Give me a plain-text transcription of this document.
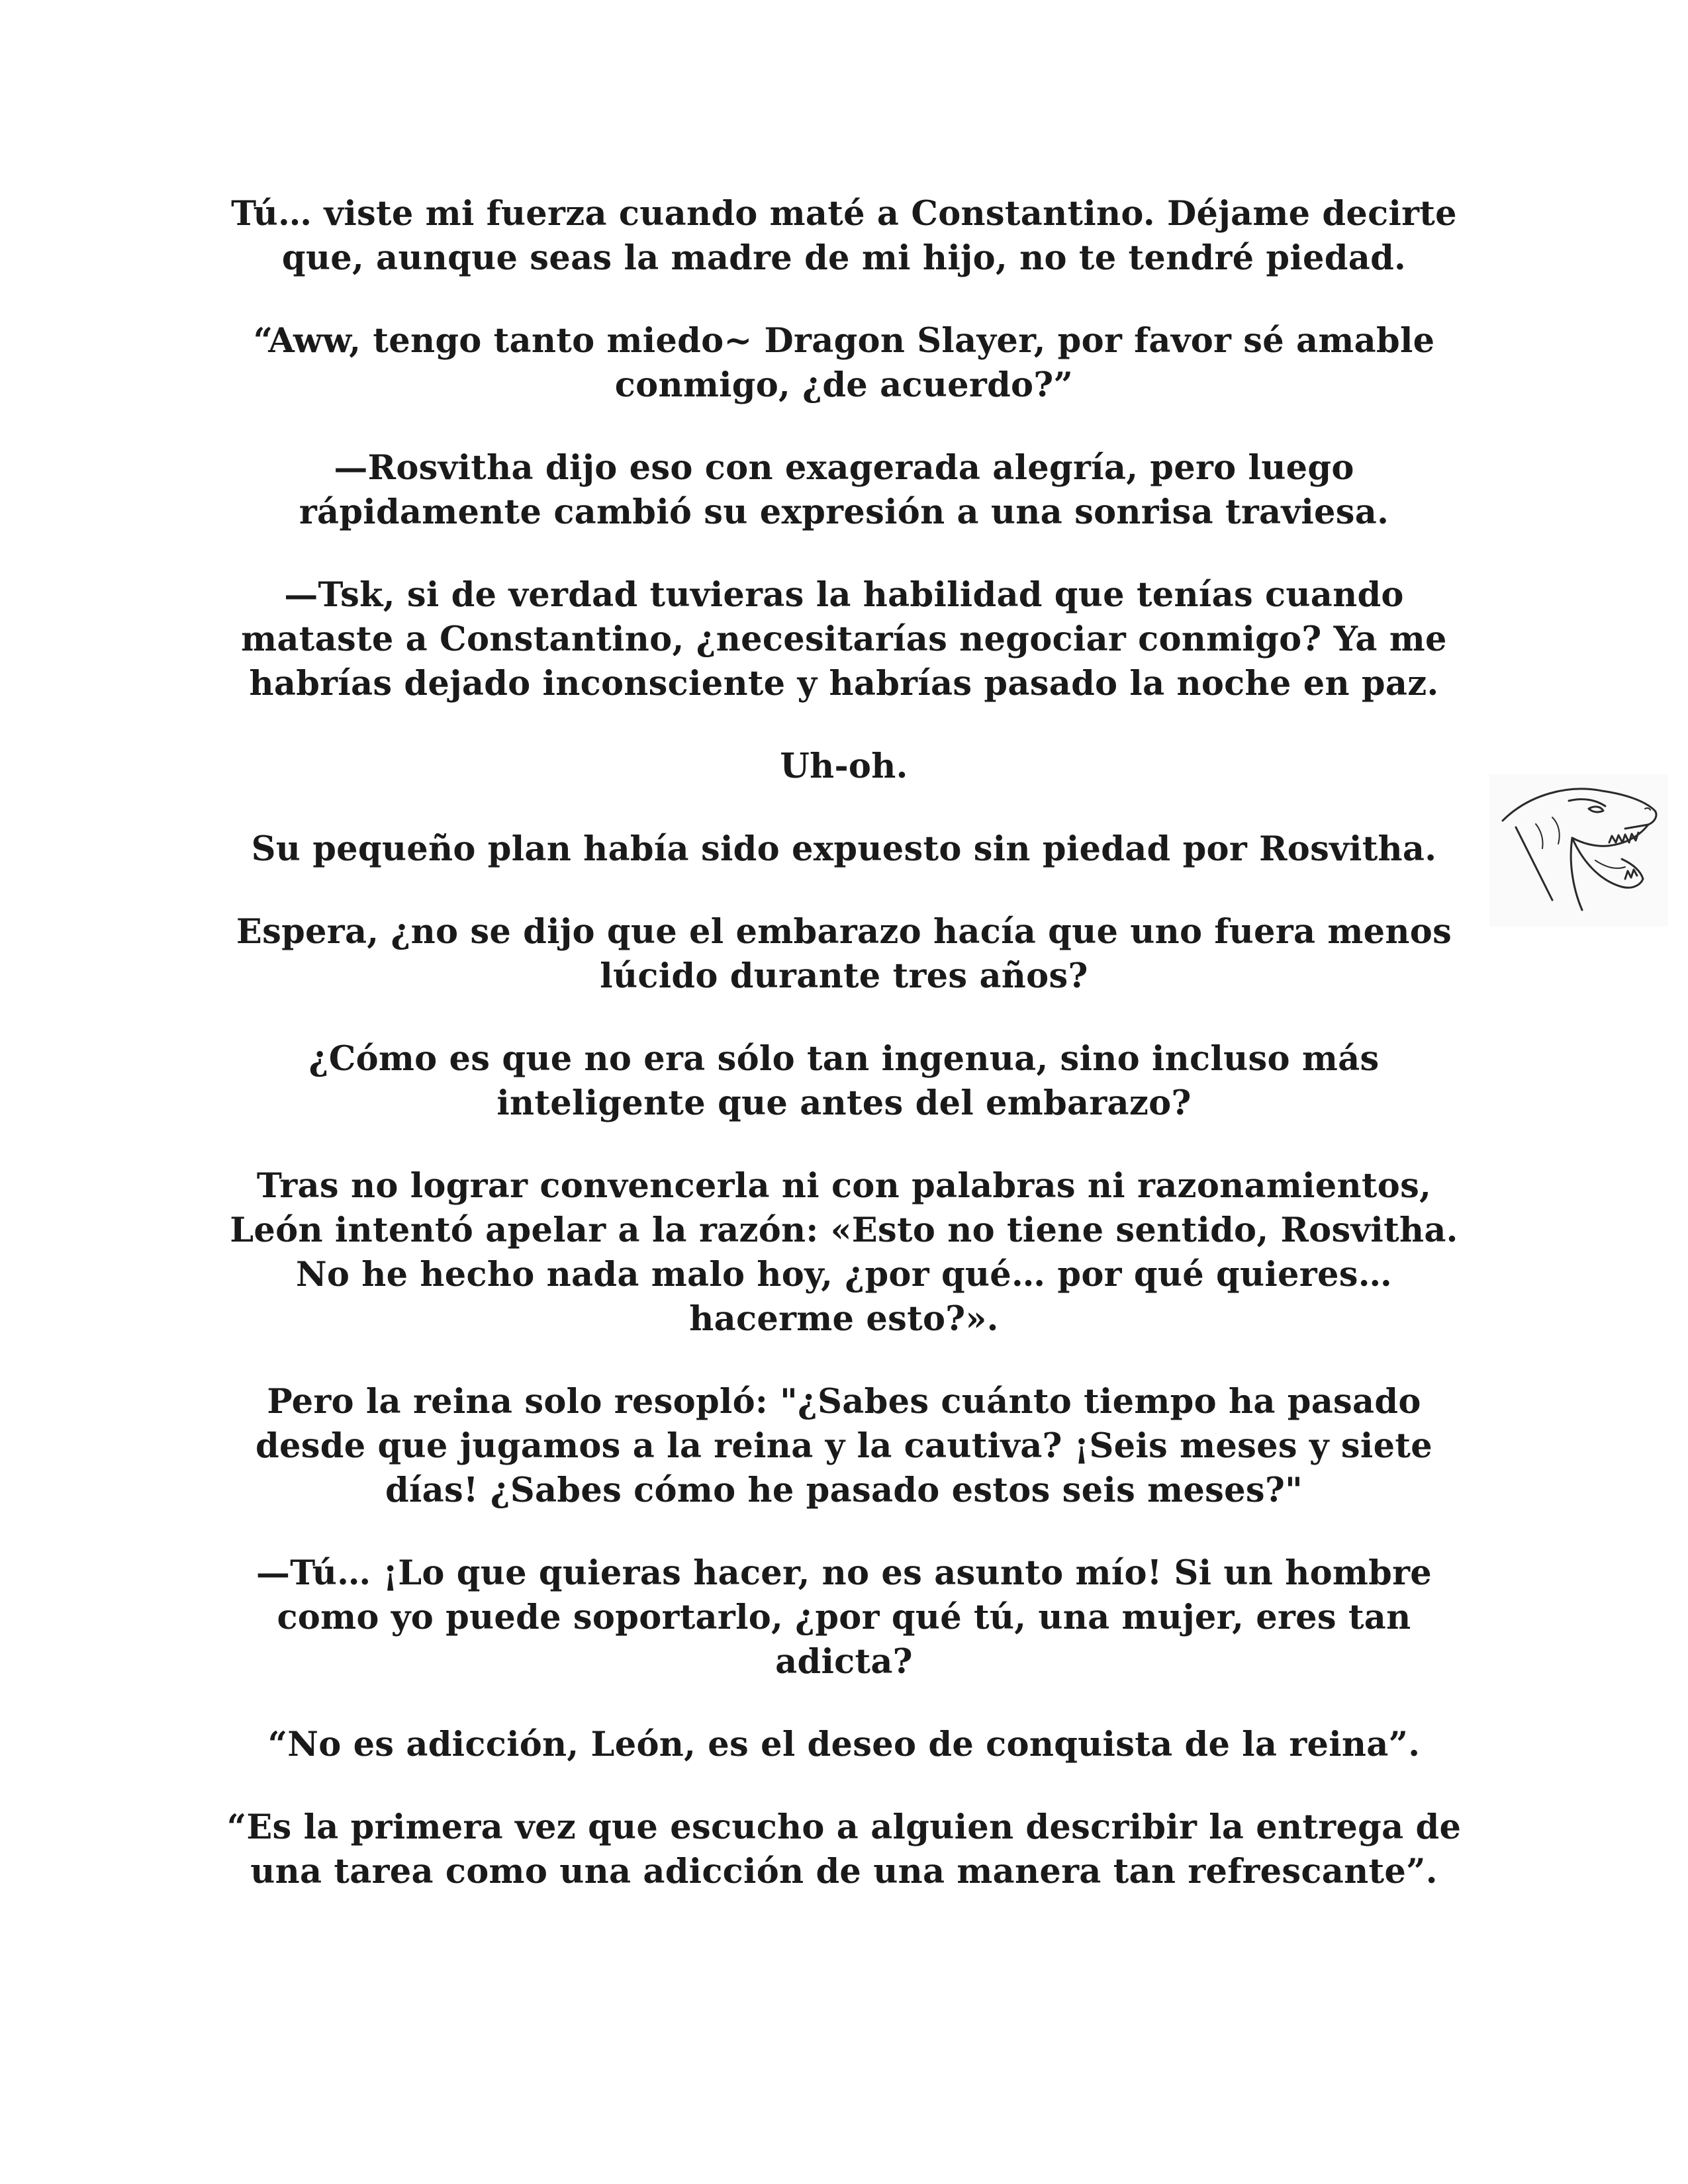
Tú… viste mi fuerza cuando maté a Constantino. Déjame decirte que, aunque seas la madre de mi hijo, no te tendré piedad.

“Aww, tengo tanto miedo~ Dragon Slayer, por favor sé amable conmigo, ¿de acuerdo?”

—Rosvitha dijo eso con exagerada alegría, pero luego rápidamente cambió su expresión a una sonrisa traviesa.

—Tsk, si de verdad tuvieras la habilidad que tenías cuando mataste a Constantino, ¿necesitarías negociar conmigo? Ya me habrías dejado inconsciente y habrías pasado la noche en paz.

Uh-oh.

Su pequeño plan había sido expuesto sin piedad por Rosvitha.

Espera, ¿no se dijo que el embarazo hacía que uno fuera menos lúcido durante tres años?

¿Cómo es que no era sólo tan ingenua, sino incluso más inteligente que antes del embarazo?

Tras no lograr convencerla ni con palabras ni razonamientos, León intentó apelar a la razón: «Esto no tiene sentido, Rosvitha. No he hecho nada malo hoy, ¿por qué… por qué quieres… hacerme esto?».

Pero la reina solo resopló: "¿Sabes cuánto tiempo ha pasado desde que jugamos a la reina y la cautiva? ¡Seis meses y siete días! ¿Sabes cómo he pasado estos seis meses?"

—Tú… ¡Lo que quieras hacer, no es asunto mío! Si un hombre como yo puede soportarlo, ¿por qué tú, una mujer, eres tan adicta?

“No es adicción, León, es el deseo de conquista de la reina”.

“Es la primera vez que escucho a alguien describir la entrega de una tarea como una adicción de una manera tan refrescante”.
